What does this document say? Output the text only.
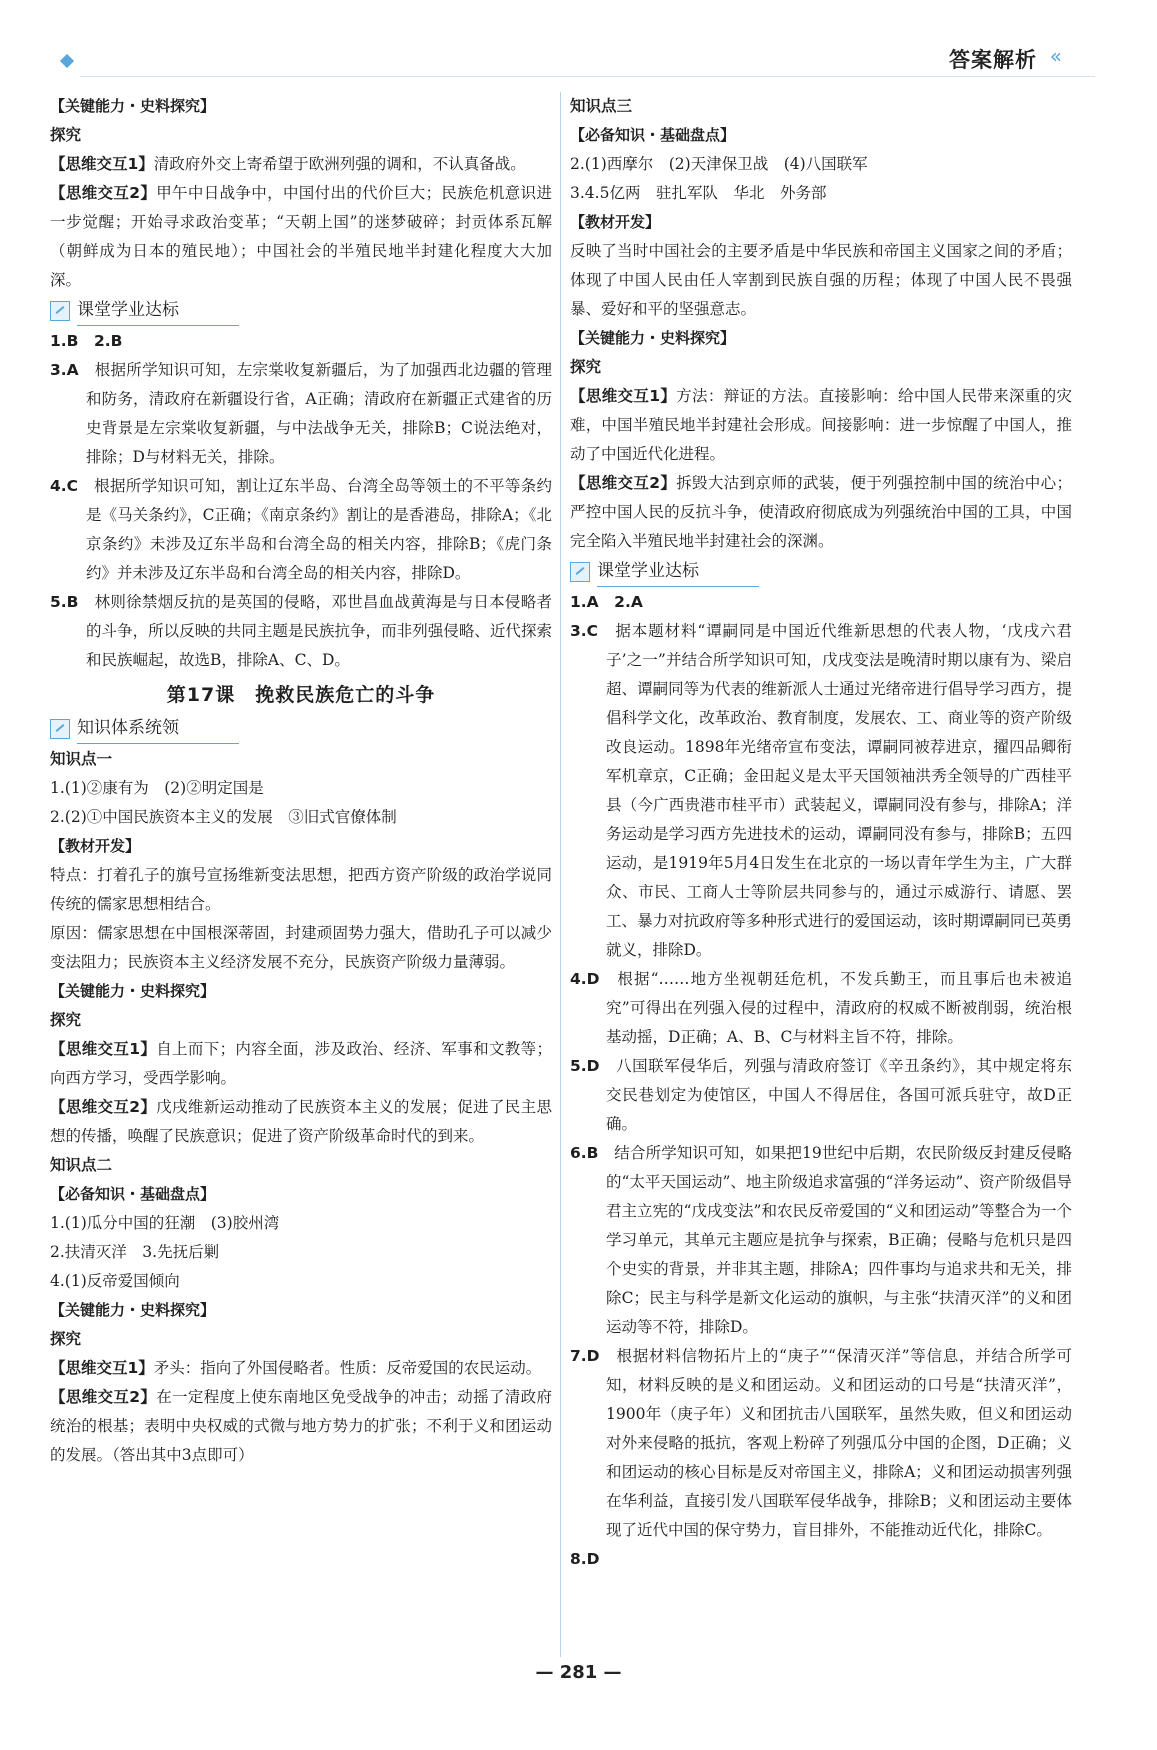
答案解析 «

【关键能力・史料探究】

探究

【思维交互1】清政府外交上寄希望于欧洲列强的调和，不认真备战。

【思维交互2】甲午中日战争中，中国付出的代价巨大；民族危机意识进一步觉醒；开始寻求政治变革；“天朝上国”的迷梦破碎；封贡体系瓦解（朝鲜成为日本的殖民地）；中国社会的半殖民地半封建化程度大大加深。

课堂学业达标

1.B　2.B

3.A　 根据所学知识可知，左宗棠收复新疆后，为了加强西北边疆的管理和防务，清政府在新疆设行省，A正确；清政府在新疆正式建省的历史背景是左宗棠收复新疆，与中法战争无关，排除B；C说法绝对，排除；D与材料无关，排除。

4.C　 根据所学知识可知，割让辽东半岛、台湾全岛等领土的不平等条约是《马关条约》，C正确；《南京条约》割让的是香港岛，排除A；《北京条约》未涉及辽东半岛和台湾全岛的相关内容，排除B；《虎门条约》并未涉及辽东半岛和台湾全岛的相关内容，排除D。

5.B　 林则徐禁烟反抗的是英国的侵略，邓世昌血战黄海是与日本侵略者的斗争，所以反映的共同主题是民族抗争，而非列强侵略、近代探索和民族崛起，故选B，排除A、C、D。

第17课　挽救民族危亡的斗争
知识体系统领

知识点一

1.(1)②康有为　(2)②明定国是

2.(2)①中国民族资本主义的发展　③旧式官僚体制

【教材开发】

特点：打着孔子的旗号宣扬维新变法思想，把西方资产阶级的政治学说同传统的儒家思想相结合。

原因：儒家思想在中国根深蒂固，封建顽固势力强大，借助孔子可以减少变法阻力；民族资本主义经济发展不充分，民族资产阶级力量薄弱。

【关键能力・史料探究】

探究

【思维交互1】自上而下；内容全面，涉及政治、经济、军事和文教等；向西方学习，受西学影响。

【思维交互2】戊戌维新运动推动了民族资本主义的发展；促进了民主思想的传播，唤醒了民族意识；促进了资产阶级革命时代的到来。

知识点二

【必备知识・基础盘点】

1.(1)瓜分中国的狂潮　(3)胶州湾

2.扶清灭洋　3.先抚后剿

4.(1)反帝爱国倾向

【关键能力・史料探究】

探究

【思维交互1】矛头：指向了外国侵略者。性质：反帝爱国的农民运动。

【思维交互2】在一定程度上使东南地区免受战争的冲击；动摇了清政府统治的根基；表明中央权威的式微与地方势力的扩张；不利于义和团运动的发展。（答出其中3点即可）

知识点三

【必备知识・基础盘点】

2.(1)西摩尔　(2)天津保卫战　(4)八国联军

3.4.5亿两　驻扎军队　华北　外务部

【教材开发】

反映了当时中国社会的主要矛盾是中华民族和帝国主义国家之间的矛盾；体现了中国人民由任人宰割到民族自强的历程；体现了中国人民不畏强暴、爱好和平的坚强意志。

【关键能力・史料探究】

探究

【思维交互1】方法：辩证的方法。直接影响：给中国人民带来深重的灾难，中国半殖民地半封建社会形成。间接影响：进一步惊醒了中国人，推动了中国近代化进程。

【思维交互2】拆毁大沽到京师的武装，便于列强控制中国的统治中心；严控中国人民的反抗斗争，使清政府彻底成为列强统治中国的工具，中国完全陷入半殖民地半封建社会的深渊。

课堂学业达标

1.A　2.A

3.C　 据本题材料“谭嗣同是中国近代维新思想的代表人物，‘戊戌六君子’之一”并结合所学知识可知，戊戌变法是晚清时期以康有为、梁启超、谭嗣同等为代表的维新派人士通过光绪帝进行倡导学习西方，提倡科学文化，改革政治、教育制度，发展农、工、商业等的资产阶级改良运动。1898年光绪帝宣布变法，谭嗣同被荐进京，擢四品卿衔军机章京，C正确；金田起义是太平天国领袖洪秀全领导的广西桂平县（今广西贵港市桂平市）武装起义，谭嗣同没有参与，排除A；洋务运动是学习西方先进技术的运动，谭嗣同没有参与，排除B；五四运动，是1919年5月4日发生在北京的一场以青年学生为主，广大群众、市民、工商人士等阶层共同参与的，通过示威游行、请愿、罢工、暴力对抗政府等多种形式进行的爱国运动，该时期谭嗣同已英勇就义，排除D。

4.D　 根据“……地方坐视朝廷危机，不发兵勤王，而且事后也未被追究”可得出在列强入侵的过程中，清政府的权威不断被削弱，统治根基动摇，D正确；A、B、C与材料主旨不符，排除。

5.D　 八国联军侵华后，列强与清政府签订《辛丑条约》，其中规定将东交民巷划定为使馆区，中国人不得居住，各国可派兵驻守，故D正确。

6.B　 结合所学知识可知，如果把19世纪中后期，农民阶级反封建反侵略的“太平天国运动”、地主阶级追求富强的“洋务运动”、资产阶级倡导君主立宪的“戊戌变法”和农民反帝爱国的“义和团运动”等整合为一个学习单元，其单元主题应是抗争与探索，B正确；侵略与危机只是四个史实的背景，并非其主题，排除A；四件事均与追求共和无关，排除C；民主与科学是新文化运动的旗帜，与主张“扶清灭洋”的义和团运动等不符，排除D。

7.D　 根据材料信物拓片上的“庚子”“保清灭洋”等信息，并结合所学可知，材料反映的是义和团运动。义和团运动的口号是“扶清灭洋”，1900年（庚子年）义和团抗击八国联军，虽然失败，但义和团运动对外来侵略的抵抗，客观上粉碎了列强瓜分中国的企图，D正确；义和团运动的核心目标是反对帝国主义，排除A；义和团运动损害列强在华利益，直接引发八国联军侵华战争，排除B；义和团运动主要体现了近代中国的保守势力，盲目排外，不能推动近代化，排除C。

8.D

— 281 —
